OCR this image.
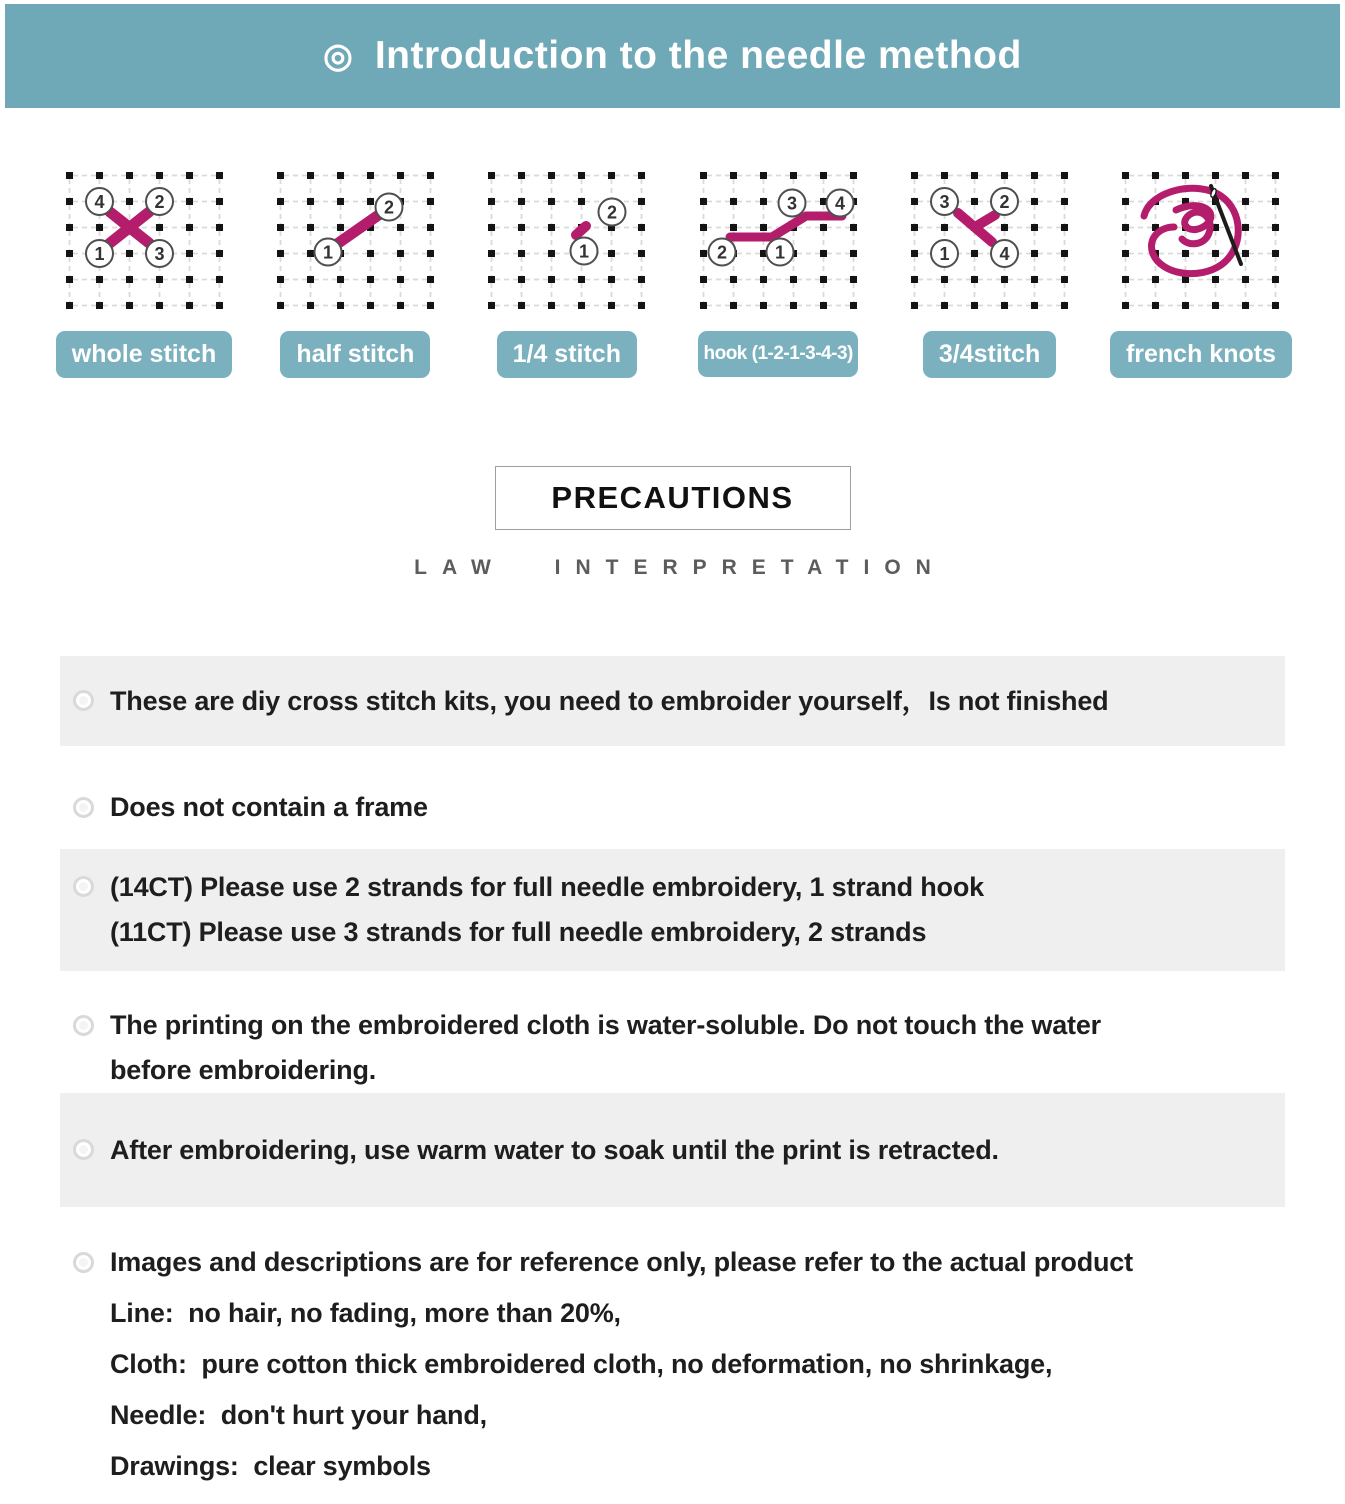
◎ Introduction to the needle method
4	2
1	3
whole stitch
1
2
half stitch
1
2
1/4 stitch
2	1
3 4
hook (1-2-1-3-4-3)
3	2
1	4
3/4stitch	french knots
PRECAUTIONS
LAW INTERPRETATION
These are diy cross stitch kits, you need to embroider yourself，Is not finished
Does not contain a frame
(14CT) Please use 2 strands for full needle embroidery, 1 strand hook
(11CT) Please use 3 strands for full needle embroidery, 2 strands
The printing on the embroidered cloth is water-soluble. Do not touch the water
before embroidering.
After embroidering, use warm water to soak until the print is retracted.
Images and descriptions are for reference only, please refer to the actual product
Line:  no hair, no fading, more than 20%,
Cloth:  pure cotton thick embroidered cloth, no deformation, no shrinkage,
Needle:  don't hurt your hand,
Drawings:  clear symbols
